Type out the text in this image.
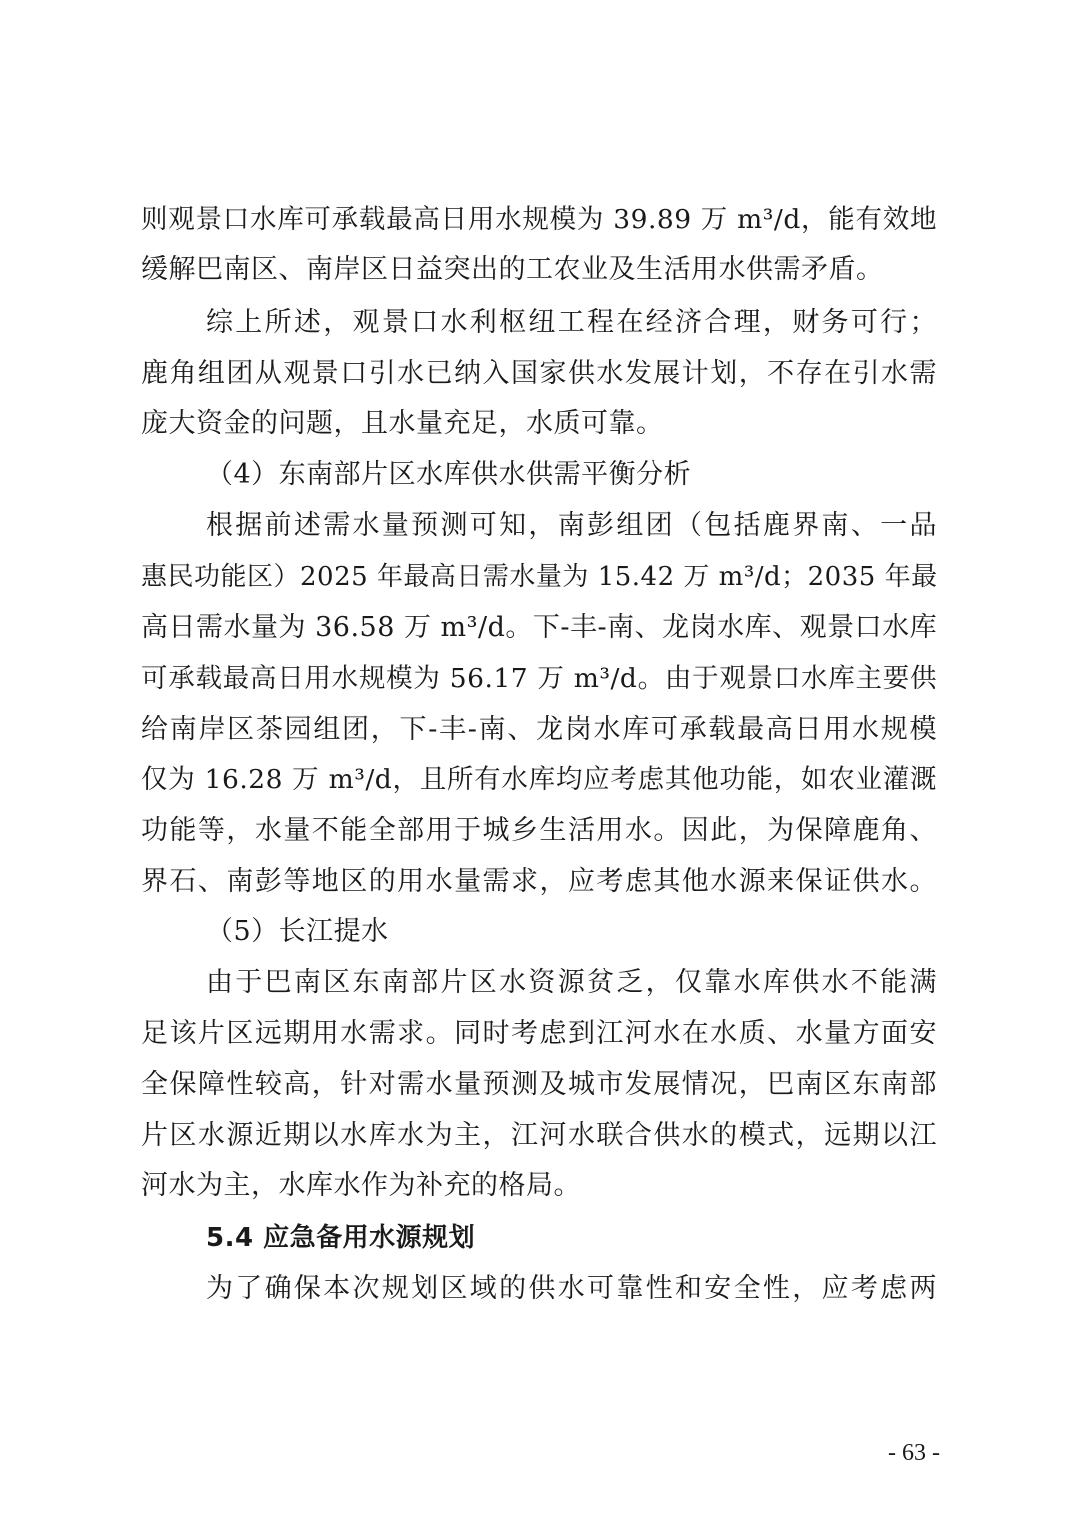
则观景口水库可承载最高日用水规模为 39.89 万 m³/d，能有效地
缓解巴南区、南岸区日益突出的工农业及生活用水供需矛盾。
综上所述，观景口水利枢纽工程在经济合理，财务可行；
鹿角组团从观景口引水已纳入国家供水发展计划，不存在引水需
庞大资金的问题，且水量充足，水质可靠。
（4）东南部片区水库供水供需平衡分析
根据前述需水量预测可知，南彭组团（包括鹿界南、一品
惠民功能区）2025 年最高日需水量为 15.42 万 m³/d；2035 年最
高日需水量为 36.58 万 m³/d。下-丰-南、龙岗水库、观景口水库
可承载最高日用水规模为 56.17 万 m³/d。由于观景口水库主要供
给南岸区茶园组团，下-丰-南、龙岗水库可承载最高日用水规模
仅为 16.28 万 m³/d，且所有水库均应考虑其他功能，如农业灌溉
功能等，水量不能全部用于城乡生活用水。因此，为保障鹿角、
界石、南彭等地区的用水量需求，应考虑其他水源来保证供水。
（5）长江提水
由于巴南区东南部片区水资源贫乏，仅靠水库供水不能满
足该片区远期用水需求。同时考虑到江河水在水质、水量方面安
全保障性较高，针对需水量预测及城市发展情况，巴南区东南部
片区水源近期以水库水为主，江河水联合供水的模式，远期以江
河水为主，水库水作为补充的格局。
5.4 应急备用水源规划
为了确保本次规划区域的供水可靠性和安全性，应考虑两
- 63 -
